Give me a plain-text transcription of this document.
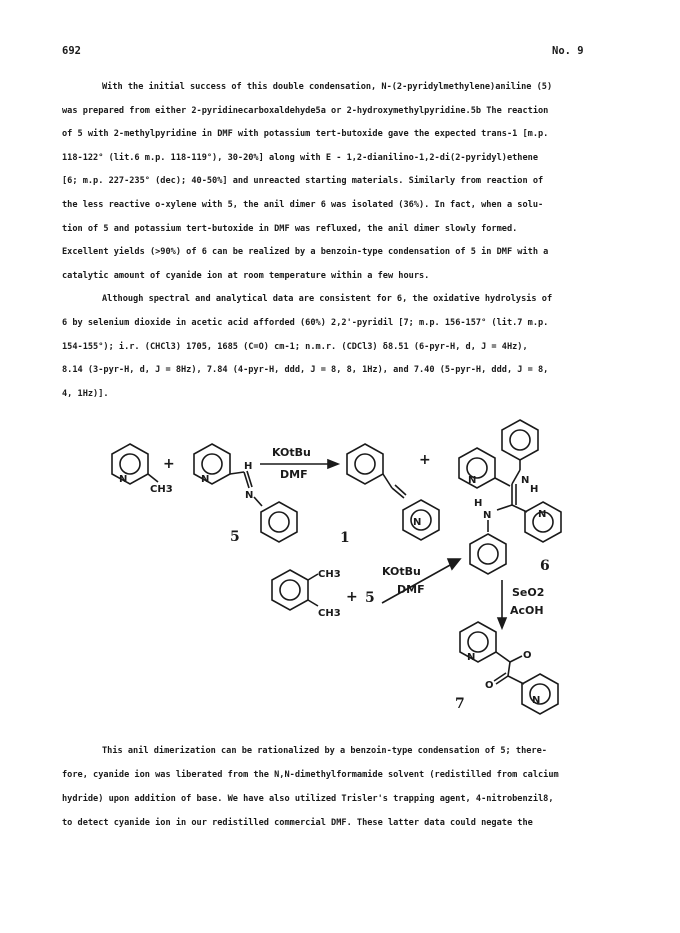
692	No. 9
With the initial success of this double condensation, N-(2-pyridylmethylene)aniline (5)
was prepared from either 2-pyridinecarboxaldehyde5a or 2-hydroxymethylpyridine.5b The reaction
of 5 with 2-methylpyridine in DMF with potassium tert-butoxide gave the expected trans-1 [m.p.
118-122° (lit.6 m.p. 118-119°), 30-20%] along with E - 1,2-dianilino-1,2-di(2-pyridyl)ethene
[6; m.p. 227-235° (dec); 40-50%] and unreacted starting materials. Similarly from reaction of
the less reactive o-xylene with 5, the anil dimer 6 was isolated (36%). In fact, when a solu-
tion of 5 and potassium tert-butoxide in DMF was refluxed, the anil dimer slowly formed.
Excellent yields (>90%) of 6 can be realized by a benzoin-type condensation of 5 in DMF with a
catalytic amount of cyanide ion at room temperature within a few hours.
Although spectral and analytical data are consistent for 6, the oxidative hydrolysis of
6 by selenium dioxide in acetic acid afforded (60%) 2,2'-pyridil [7; m.p. 156-157° (lit.7 m.p.
154-155°); i.r. (CHCl3) 1705, 1685 (C=O) cm-1; n.m.r. (CDCl3) δ8.51 (6-pyr-H, d, J = 4Hz),
8.14 (3-pyr-H, d, J = 8Hz), 7.84 (4-pyr-H, ddd, J = 8, 8, 1Hz), and 7.40 (5-pyr-H, ddd, J = 8,
4, 1Hz)].
+
N
CH3
N
H
N
5
KOtBu
DMF
N
1
+
N	N
H
N
H
N
6
CH3
CH3
+ 5
KOtBu
DMF	SeO2
AcOH
N	O
O
N
7
This anil dimerization can be rationalized by a benzoin-type condensation of 5; there-
fore, cyanide ion was liberated from the N,N-dimethylformamide solvent (redistilled from calcium
hydride) upon addition of base. We have also utilized Trisler's trapping agent, 4-nitrobenzil8,
to detect cyanide ion in our redistilled commercial DMF. These latter data could negate the
